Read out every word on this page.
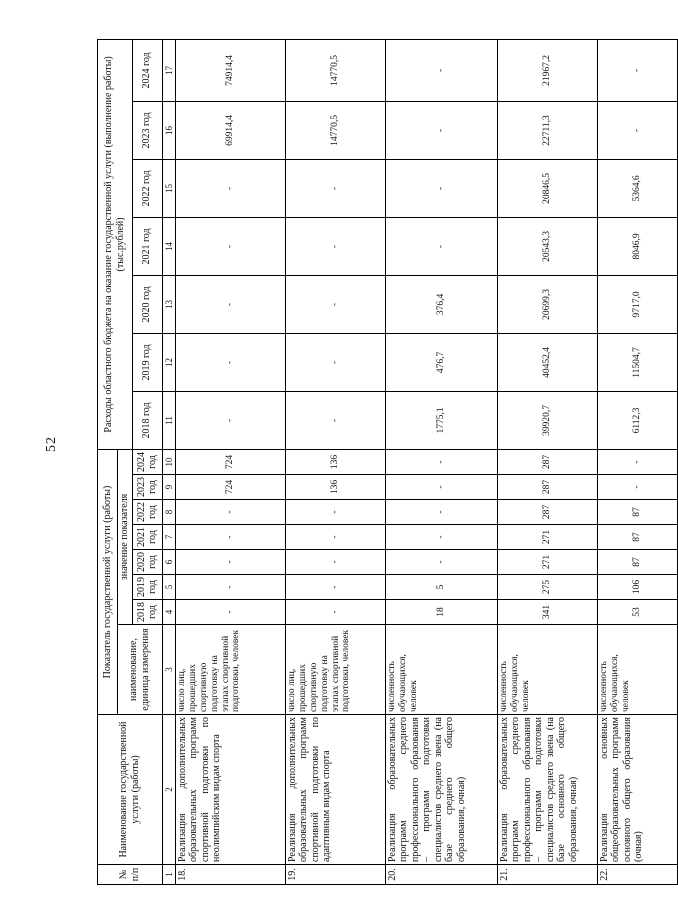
52
№ п/п	Наименование государственной услуги (работы)	Показатель государственной услуги (работы)								Расходы областного бюджета на оказание государственной услуги (выполнение работы) (тыс.рублей)						
		наименование, единица измерения	значение показателя													
			2018 год	2019 год	2020 год	2021 год	2022 год	2023 год	2024 год	2018 год	2019 год	2020 год	2021 год	2022 год	2023 год	2024 год
1	2	3	4	5	6	7	8	9	10	11	12	13	14	15	16	17
18.	Реализация дополнительных образовательных программ спортивной подготовки по неолимпийским видам спорта	число лиц, прошедших спортивную подготовку на этапах спортивной подготовки, человек	-	-	-	-	-	724	724	-	-	-	-	-	69914,4	74914,4
19.	Реализация дополнительных образовательных программ спортивной подготовки по адаптивным видам спорта	число лиц, прошедших спортивную подготовку на этапах спортивной подготовки, человек	-	-	-	-	-	136	136	-	-	-	-	-	14770,5	14770,5
20.	Реализация образовательных программ среднего профессионального образования – программ подготовки специалистов среднего звена (на базе среднего общего образования, очная)	численность обучающихся, человек	18	5	-	-	-	-	-	1775,1	476,7	376,4	-	-	-	-
21.	Реализация образовательных программ среднего профессионального образования – программ подготовки специалистов среднего звена (на базе основного общего образования, очная)	численность обучающихся, человек	341	275	271	271	287	287	287	39920,7	40452,4	20699,3	20543,3	20846,5	22711,3	21967,2
22.	Реализация основных общеобразовательных программ основного общего образования (очная)	численность обучающихся, человек	53	106	87	87	87	-	-	6112,3	11504,7	9717,0	8046,9	5364,6	-	-
